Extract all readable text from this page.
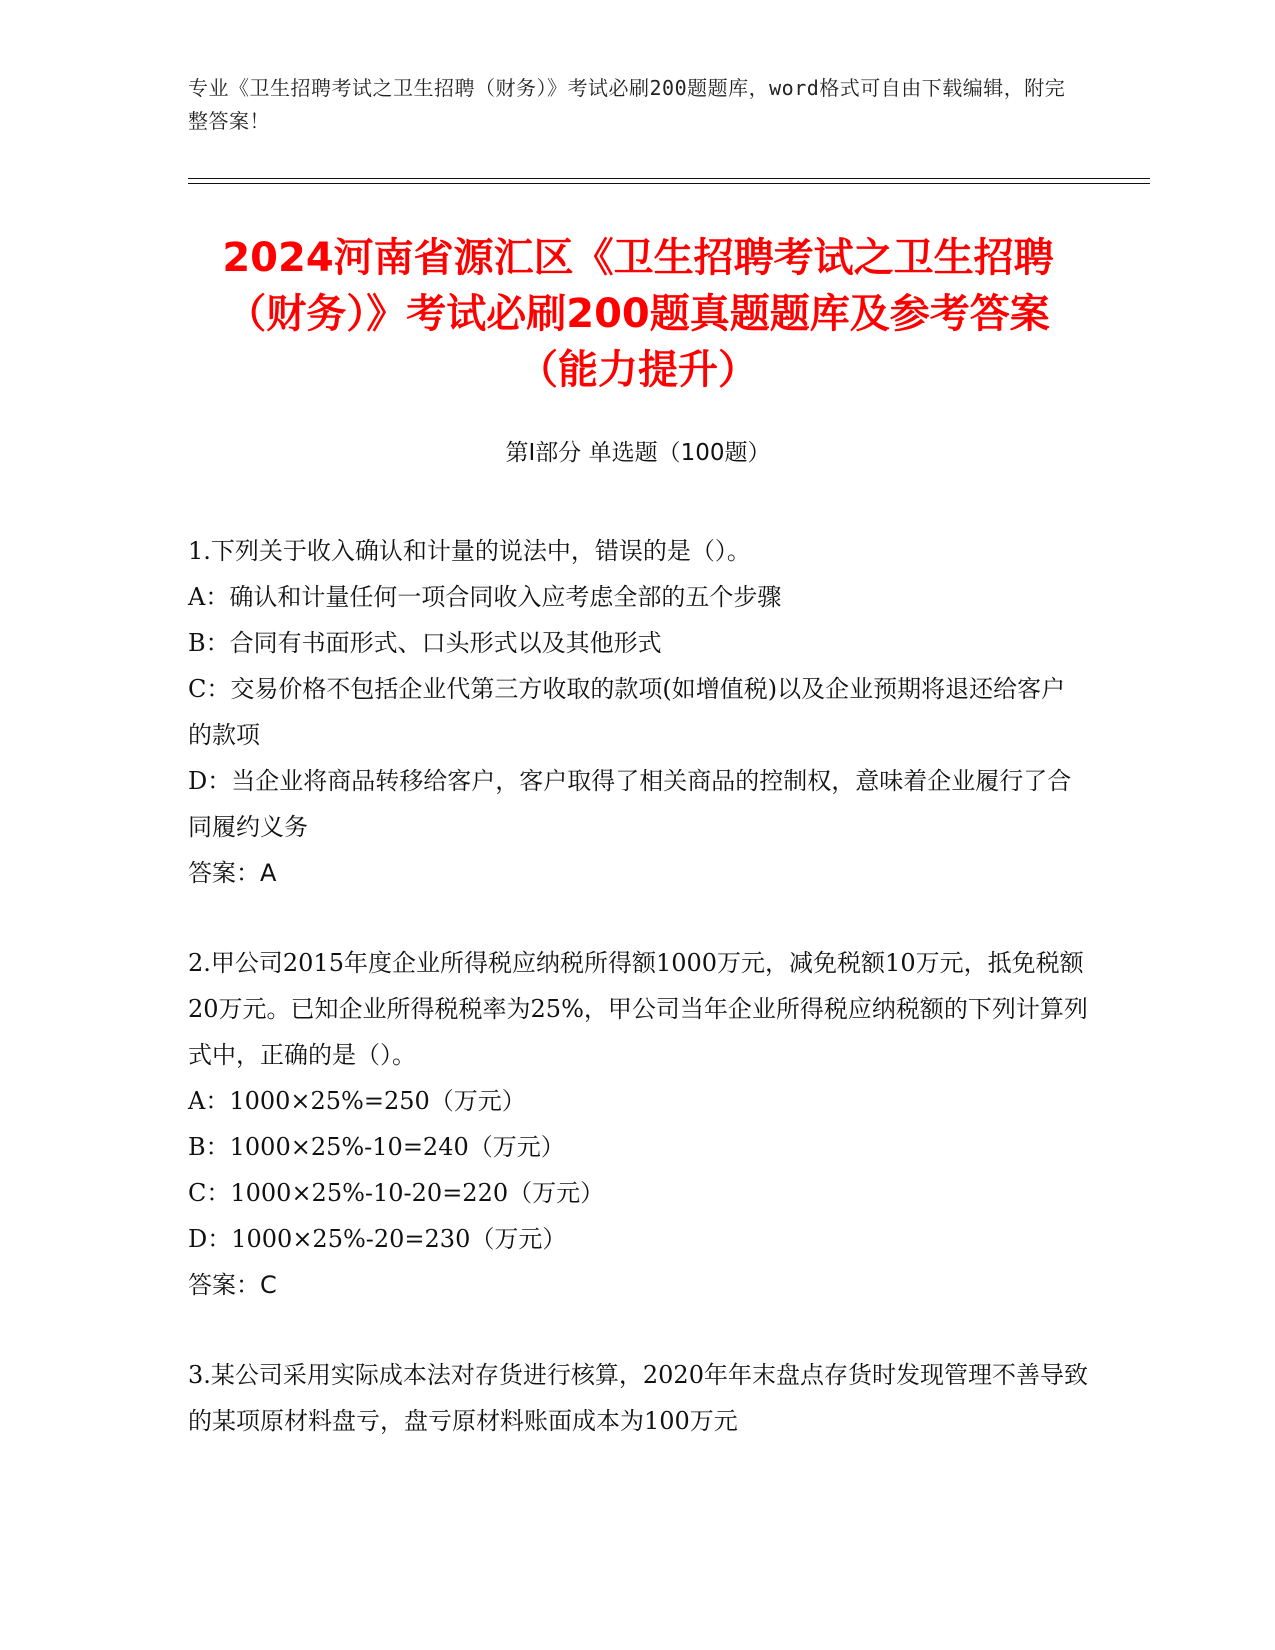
专业《卫生招聘考试之卫生招聘（财务）》考试必刷200题题库，word格式可自由下载编辑，附完整答案！
2024河南省源汇区《卫生招聘考试之卫生招聘（财务）》考试必刷200题真题题库及参考答案（能力提升）
第I部分 单选题（100题）

1.下列关于收入确认和计量的说法中，错误的是（）。

A：确认和计量任何一项合同收入应考虑全部的五个步骤

B：合同有书面形式、口头形式以及其他形式

C：交易价格不包括企业代第三方收取的款项(如增值税)以及企业预期将退还给客户的款项

D：当企业将商品转移给客户，客户取得了相关商品的控制权，意味着企业履行了合同履约义务

答案：A

2.甲公司2015年度企业所得税应纳税所得额1000万元，减免税额10万元，抵免税额20万元。已知企业所得税税率为25%，甲公司当年企业所得税应纳税额的下列计算列式中，正确的是（）。

A：1000×25%=250（万元）

B：1000×25%-10=240（万元）

C：1000×25%-10-20=220（万元）

D：1000×25%-20=230（万元）

答案：C

3.某公司采用实际成本法对存货进行核算，2020年年末盘点存货时发现管理不善导致的某项原材料盘亏，盘亏原材料账面成本为100万元
